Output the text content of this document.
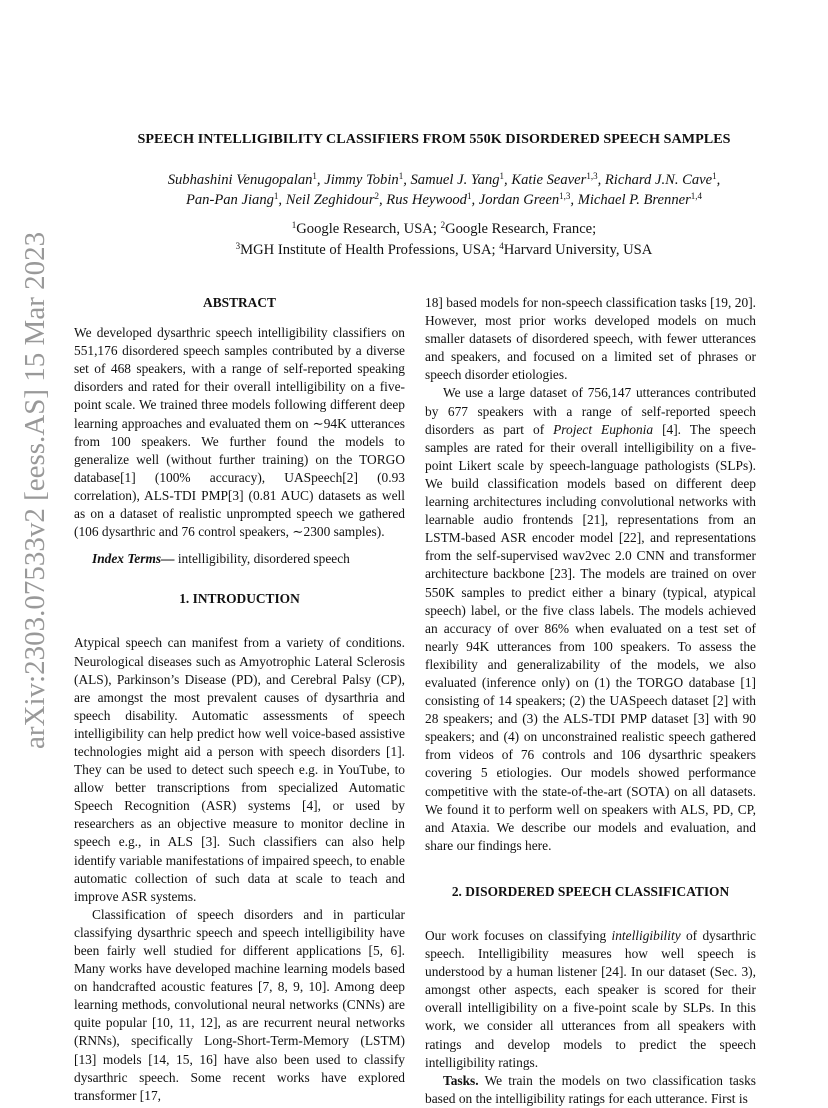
arXiv:2303.07533v2 [eess.AS] 15 Mar 2023
SPEECH INTELLIGIBILITY CLASSIFIERS FROM 550K DISORDERED SPEECH SAMPLES
Subhashini Venugopalan$^1$, Jimmy Tobin$^1$, Samuel J. Yang$^1$, Katie Seaver$^{1,3}$, Richard J.N. Cave$^1$,
Pan-Pan Jiang$^1$, Neil Zeghidour$^2$, Rus Heywood$^1$, Jordan Green$^{1,3}$, Michael P. Brenner$^{1,4}$
$^1$Google Research, USA; $^2$Google Research, France;
$^3$MGH Institute of Health Professions, USA; $^4$Harvard University, USA
ABSTRACT

We developed dysarthric speech intelligibility classifiers on 551,176 disordered speech samples contributed by a diverse set of 468 speakers, with a range of self-reported speaking disorders and rated for their overall intelligibility on a five-point scale. We trained three models following different deep learning approaches and evaluated them on ∼94K utterances from 100 speakers. We further found the models to generalize well (without further training) on the TORGO database[1] (100% accuracy), UASpeech[2] (0.93 correlation), ALS-TDI PMP[3] (0.81 AUC) datasets as well as on a dataset of realistic unprompted speech we gathered (106 dysarthric and 76 control speakers, ∼2300 samples).

Index Terms— intelligibility, disordered speech

1. INTRODUCTION

Atypical speech can manifest from a variety of conditions. Neurological diseases such as Amyotrophic Lateral Sclerosis (ALS), Parkinson’s Disease (PD), and Cerebral Palsy (CP), are amongst the most prevalent causes of dysarthria and speech disability. Automatic assessments of speech intelligibility can help predict how well voice-based assistive technologies might aid a person with speech disorders [1]. They can be used to detect such speech e.g. in YouTube, to allow better transcriptions from specialized Automatic Speech Recognition (ASR) systems [4], or used by researchers as an objective measure to monitor decline in speech e.g., in ALS [3]. Such classifiers can also help identify variable manifestations of impaired speech, to enable automatic collection of such data at scale to teach and improve ASR systems.

Classification of speech disorders and in particular classifying dysarthric speech and speech intelligibility have been fairly well studied for different applications [5, 6]. Many works have developed machine learning models based on handcrafted acoustic features [7, 8, 9, 10]. Among deep learning methods, convolutional neural networks (CNNs) are quite popular [10, 11, 12], as are recurrent neural networks (RNNs), specifically Long-Short-Term-Memory (LSTM) [13] models [14, 15, 16] have also been used to classify dysarthric speech. Some recent works have explored transformer [17,

18] based models for non-speech classification tasks [19, 20]. However, most prior works developed models on much smaller datasets of disordered speech, with fewer utterances and speakers, and focused on a limited set of phrases or speech disorder etiologies.

We use a large dataset of 756,147 utterances contributed by 677 speakers with a range of self-reported speech disorders as part of Project Euphonia [4]. The speech samples are rated for their overall intelligibility on a five-point Likert scale by speech-language pathologists (SLPs). We build classification models based on different deep learning architectures including convolutional networks with learnable audio frontends [21], representations from an LSTM-based ASR encoder model [22], and representations from the self-supervised wav2vec 2.0 CNN and transformer architecture backbone [23]. The models are trained on over 550K samples to predict either a binary (typical, atypical speech) label, or the five class labels. The models achieved an accuracy of over 86% when evaluated on a test set of nearly 94K utterances from 100 speakers. To assess the flexibility and generalizability of the models, we also evaluated (inference only) on (1) the TORGO database [1] consisting of 14 speakers; (2) the UASpeech dataset [2] with 28 speakers; and (3) the ALS-TDI PMP dataset [3] with 90 speakers; and (4) on unconstrained realistic speech gathered from videos of 76 controls and 106 dysarthric speakers covering 5 etiologies. Our models showed performance competitive with the state-of-the-art (SOTA) on all datasets. We found it to perform well on speakers with ALS, PD, CP, and Ataxia. We describe our models and evaluation, and share our findings here.

2. DISORDERED SPEECH CLASSIFICATION

Our work focuses on classifying intelligibility of dysarthric speech. Intelligibility measures how well speech is understood by a human listener [24]. In our dataset (Sec. 3), amongst other aspects, each speaker is scored for their overall intelligibility on a five-point scale by SLPs. In this work, we consider all utterances from all speakers with ratings and develop models to predict the speech intelligibility ratings.

Tasks. We train the models on two classification tasks based on the intelligibility ratings for each utterance. First is
